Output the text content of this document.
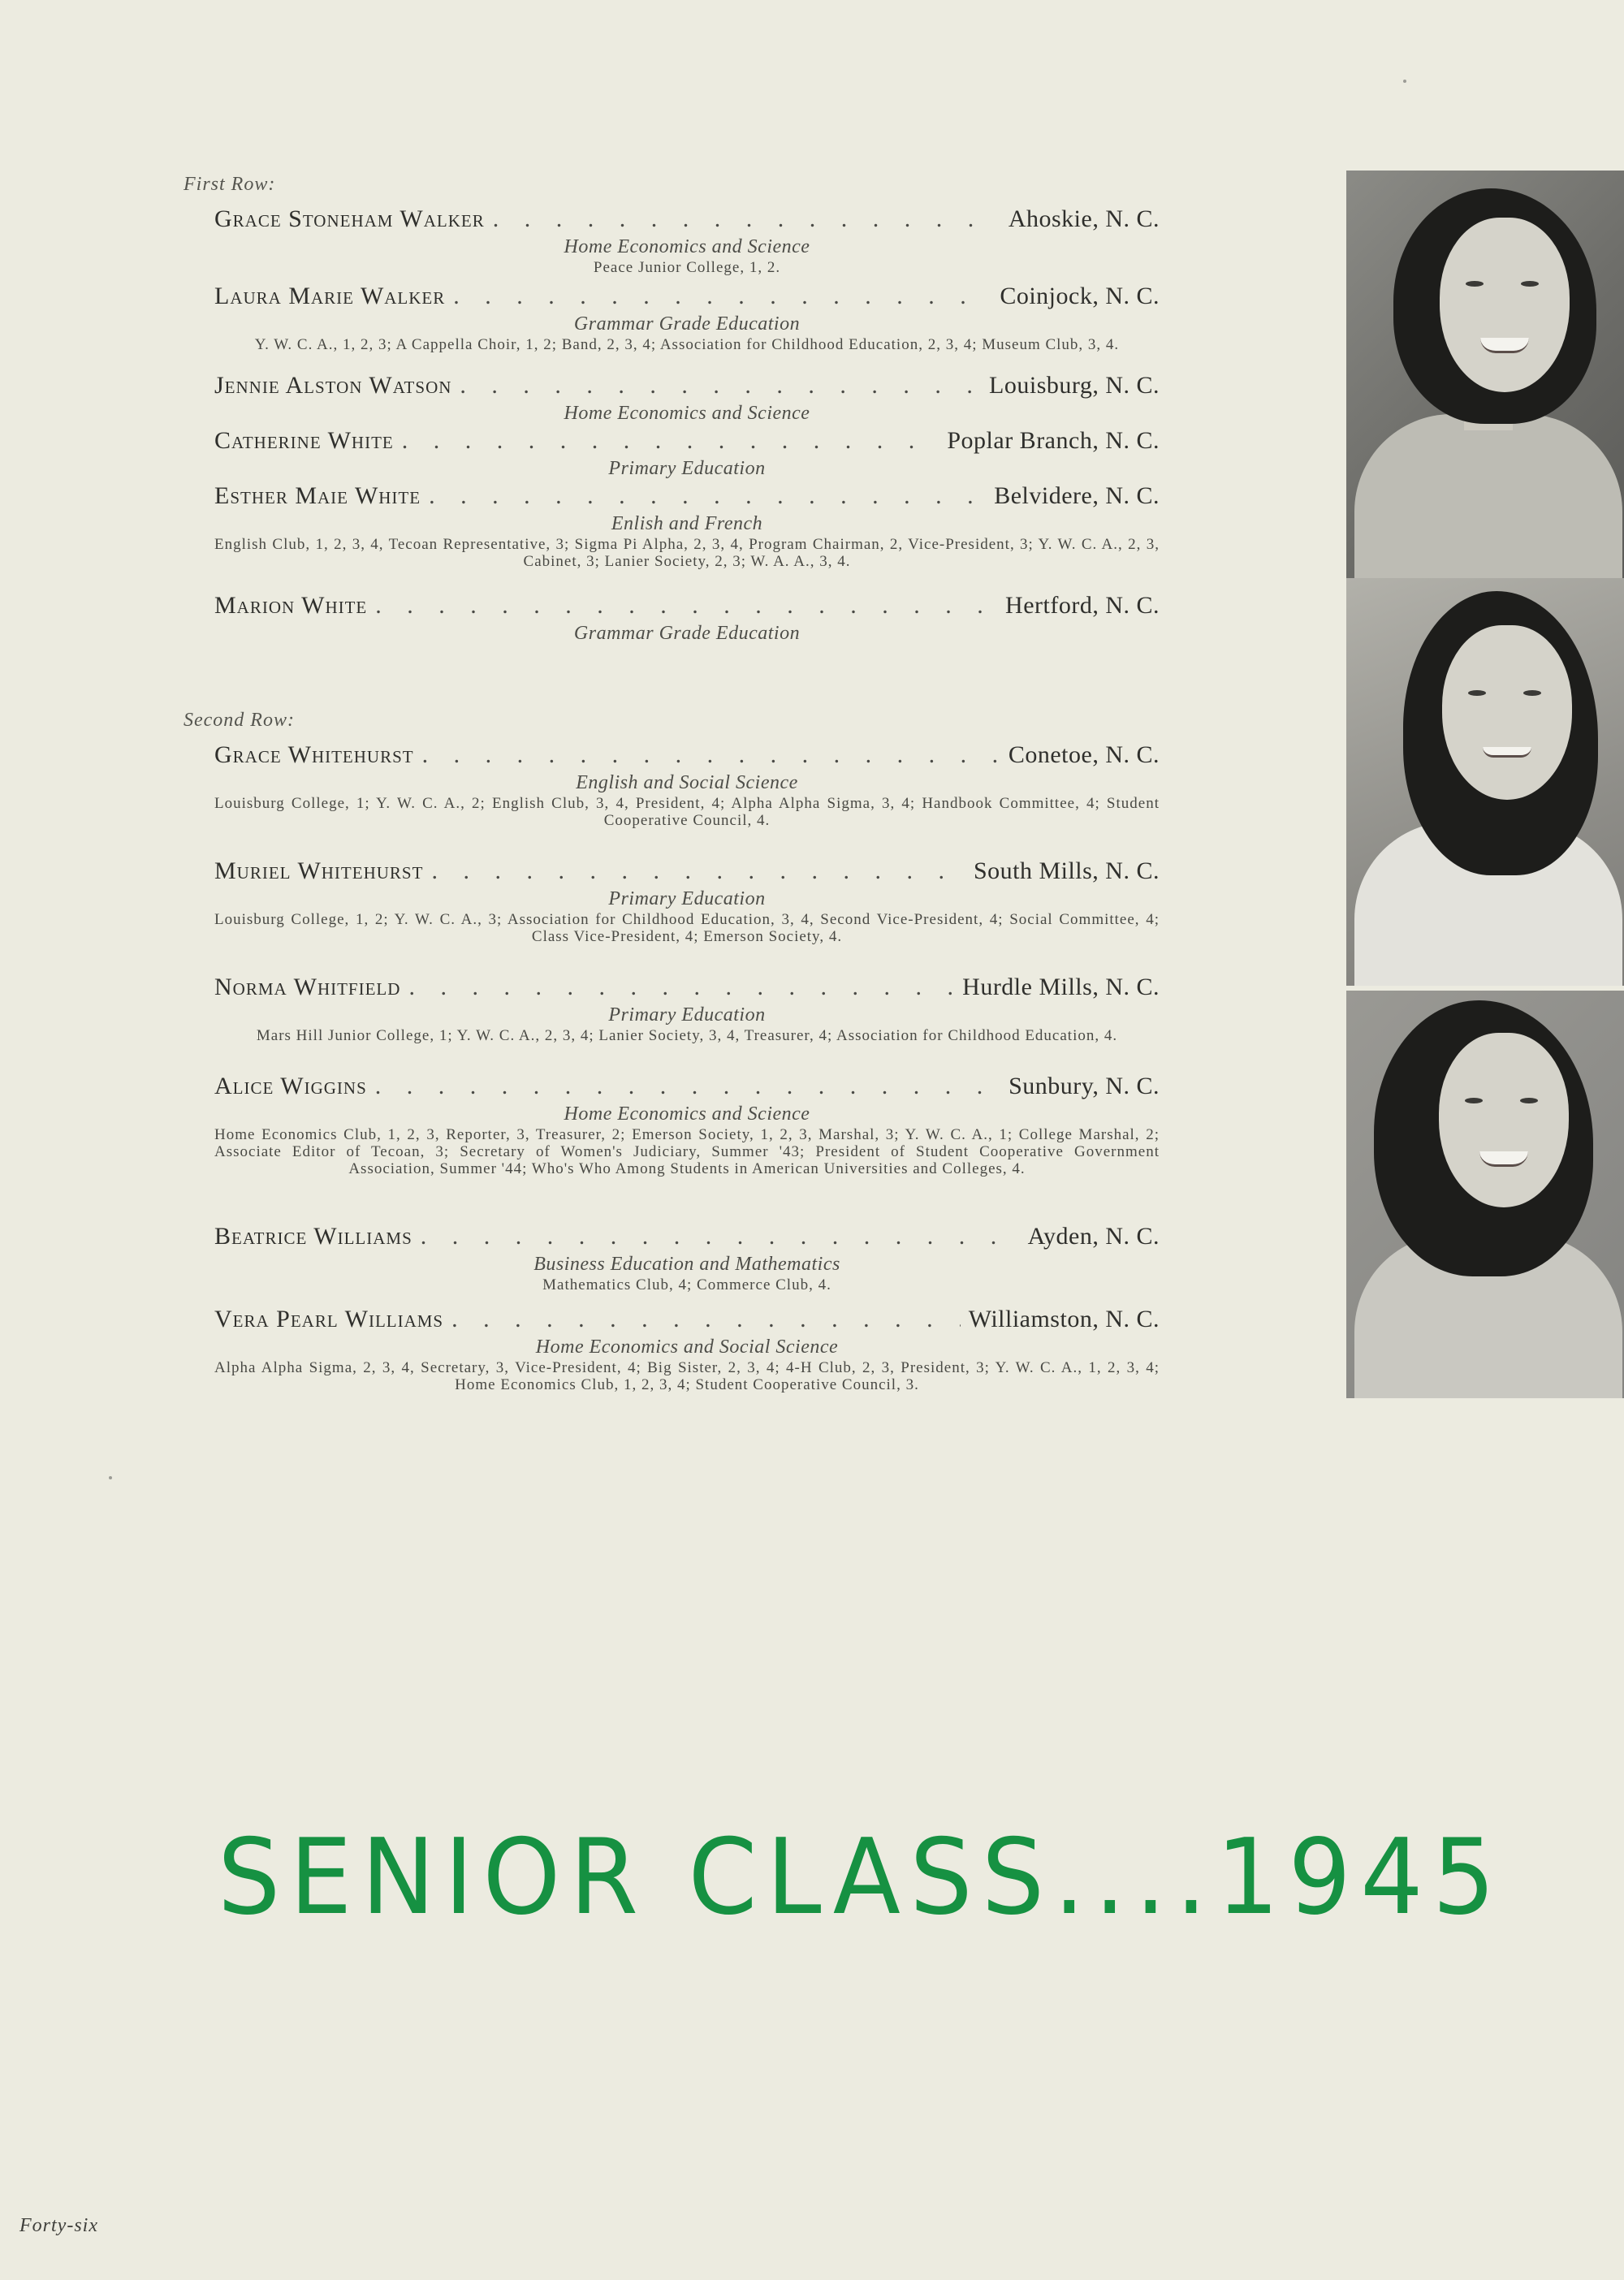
First Row:
Grace Stoneham Walker . . .	Ahoskie, N. C.
Home Economics and Science
Peace Junior College, 1, 2.
Laura Marie Walker . . .	Coinjock, N. C.
Grammar Grade Education
Y. W. C. A., 1, 2, 3; A Cappella Choir, 1, 2; Band, 2, 3, 4; Association for Childhood Education, 2, 3, 4; Museum Club, 3, 4.
Jennie Alston Watson . . .	Louisburg, N. C.
Home Economics and Science
Catherine White . . .	Poplar Branch, N. C.
Primary Education
Esther Maie White . . .	Belvidere, N. C.
Enlish and French
English Club, 1, 2, 3, 4, Tecoan Representative, 3; Sigma Pi Alpha, 2, 3, 4, Program Chairman, 2, Vice-President, 3; Y. W. C. A., 2, 3, Cabinet, 3; Lanier Society, 2, 3; W. A. A., 3, 4.
Marion White . . .	Hertford, N. C.
Grammar Grade Education
Second Row:
Grace Whitehurst . . .	Conetoe, N. C.
English and Social Science
Louisburg College, 1; Y. W. C. A., 2; English Club, 3, 4, President, 4; Alpha Alpha Sigma, 3, 4; Handbook Committee, 4; Student Cooperative Council, 4.
Muriel Whitehurst . . .	South Mills, N. C.
Primary Education
Louisburg College, 1, 2; Y. W. C. A., 3; Association for Childhood Education, 3, 4, Second Vice-President, 4; Social Committee, 4; Class Vice-President, 4; Emerson Society, 4.
Norma Whitfield . . .	Hurdle Mills, N. C.
Primary Education
Mars Hill Junior College, 1; Y. W. C. A., 2, 3, 4; Lanier Society, 3, 4, Treasurer, 4; Association for Childhood Education, 4.
Alice Wiggins . . .	Sunbury, N. C.
Home Economics and Science
Home Economics Club, 1, 2, 3, Reporter, 3, Treasurer, 2; Emerson Society, 1, 2, 3, Marshal, 3; Y. W. C. A., 1; College Marshal, 2; Associate Editor of Tecoan, 3; Secretary of Women's Judiciary, Summer '43; President of Student Cooperative Government Association, Summer '44; Who's Who Among Students in American Universities and Colleges, 4.
Beatrice Williams . . .	Ayden, N. C.
Business Education and Mathematics
Mathematics Club, 4; Commerce Club, 4.
Vera Pearl Williams . . .	Williamston, N. C.
Home Economics and Social Science
Alpha Alpha Sigma, 2, 3, 4, Secretary, 3, Vice-President, 4; Big Sister, 2, 3, 4; 4-H Club, 2, 3, President, 3; Y. W. C. A., 1, 2, 3, 4; Home Economics Club, 1, 2, 3, 4; Student Cooperative Council, 3.
SENIOR CLASS....1945
Forty-six
